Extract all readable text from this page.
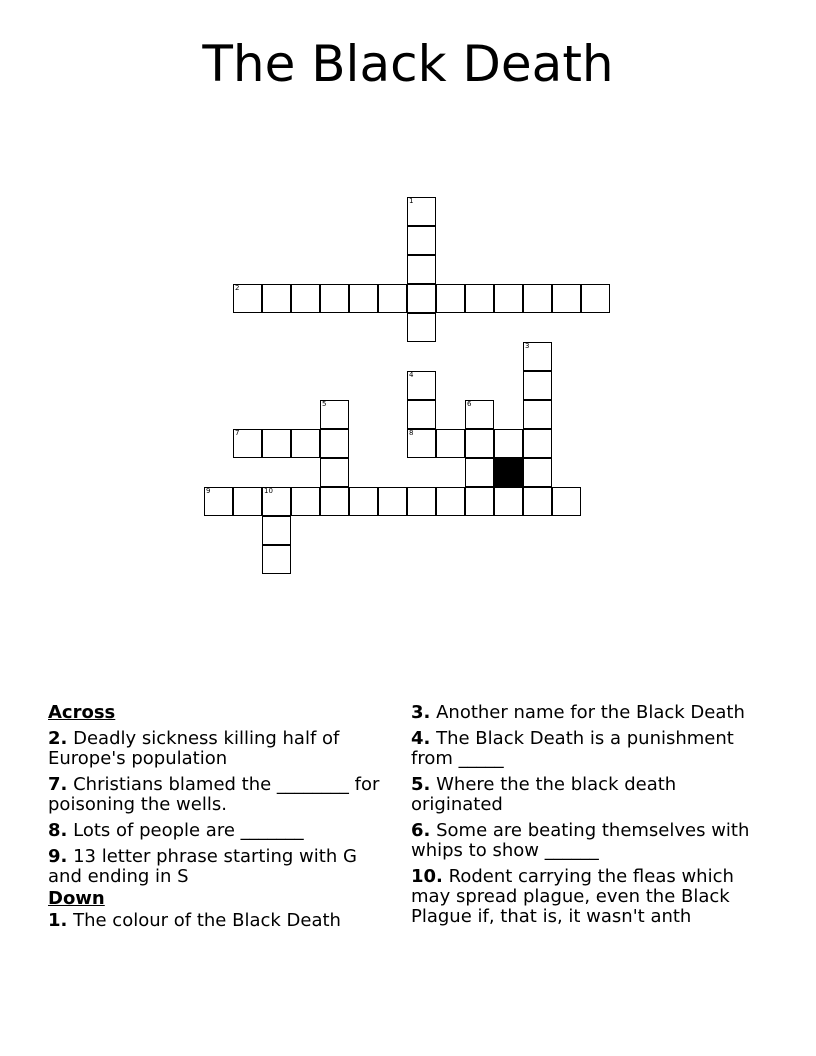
The Black Death
1
2
3
4
5	6
7	8
9	10
Across
2. Deadly sickness killing half of Europe's population
7. Christians blamed the ________ for poisoning the wells.
8. Lots of people are _______
9. 13 letter phrase starting with G and ending in S
Down
1. The colour of the Black Death
3. Another name for the Black Death
4. The Black Death is a punishment from _____
5. Where the the black death originated
6. Some are beating themselves with whips to show ______
10. Rodent carrying the fleas which may spread plague, even the Black Plague if, that is, it wasn't anth
